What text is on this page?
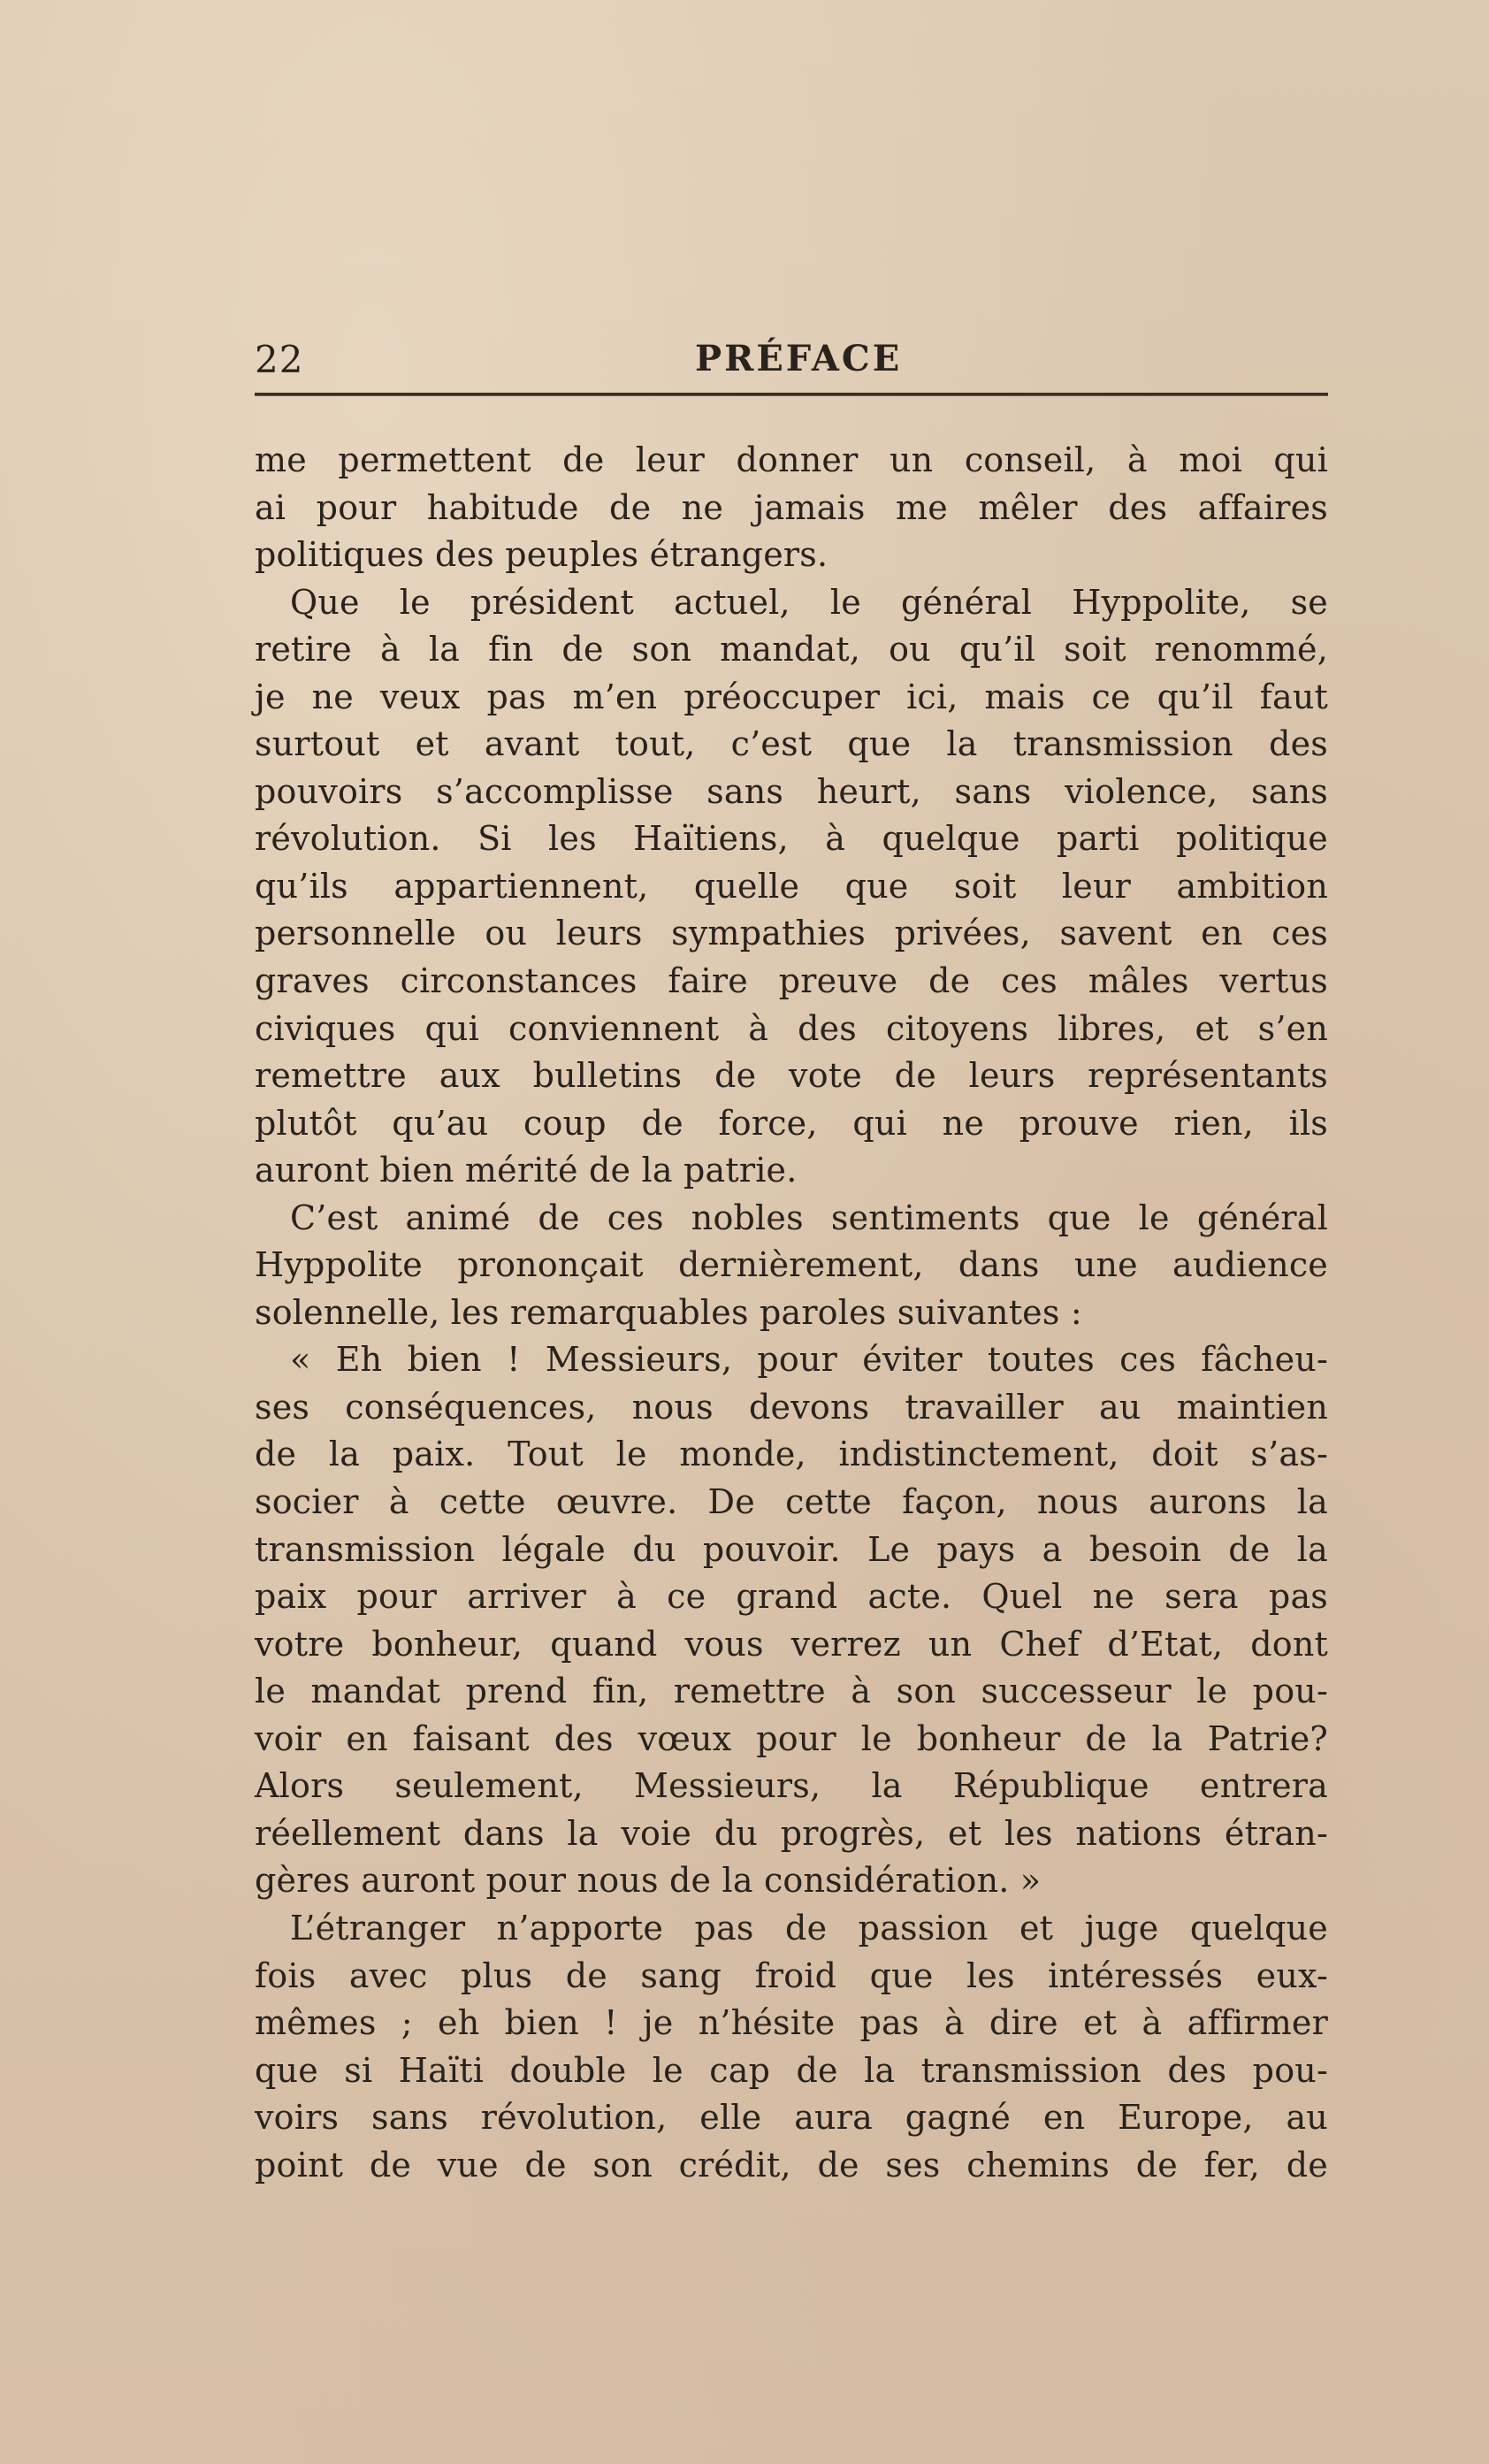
22	PRÉFACE
me permettent de leur donner un conseil, à moi qui
ai pour habitude de ne jamais me mêler des affaires
politiques des peuples étrangers.
Que le président actuel, le général Hyppolite, se
retire à la fin de son mandat, ou qu’il soit renommé,
je ne veux pas m’en préoccuper ici, mais ce qu’il faut
surtout et avant tout, c’est que la transmission des
pouvoirs s’accomplisse sans heurt, sans violence, sans
révolution. Si les Haïtiens, à quelque parti politique
qu’ils appartiennent, quelle que soit leur ambition
personnelle ou leurs sympathies privées, savent en ces
graves circonstances faire preuve de ces mâles vertus
civiques qui conviennent à des citoyens libres, et s’en
remettre aux bulletins de vote de leurs représentants
plutôt qu’au coup de force, qui ne prouve rien, ils
auront bien mérité de la patrie.
C’est animé de ces nobles sentiments que le général
Hyppolite prononçait dernièrement, dans une audience
solennelle, les remarquables paroles suivantes :
« Eh bien ! Messieurs, pour éviter toutes ces fâcheu-
ses conséquences, nous devons travailler au maintien
de la paix. Tout le monde, indistinctement, doit s’as-
socier à cette œuvre. De cette façon, nous aurons la
transmission légale du pouvoir. Le pays a besoin de la
paix pour arriver à ce grand acte. Quel ne sera pas
votre bonheur, quand vous verrez un Chef d’Etat, dont
le mandat prend fin, remettre à son successeur le pou-
voir en faisant des vœux pour le bonheur de la Patrie?
Alors seulement, Messieurs, la République entrera
réellement dans la voie du progrès, et les nations étran-
gères auront pour nous de la considération. »
L’étranger n’apporte pas de passion et juge quelque
fois avec plus de sang froid que les intéressés eux-
mêmes ; eh bien ! je n’hésite pas à dire et à affirmer
que si Haïti double le cap de la transmission des pou-
voirs sans révolution, elle aura gagné en Europe, au
point de vue de son crédit, de ses chemins de fer, de
